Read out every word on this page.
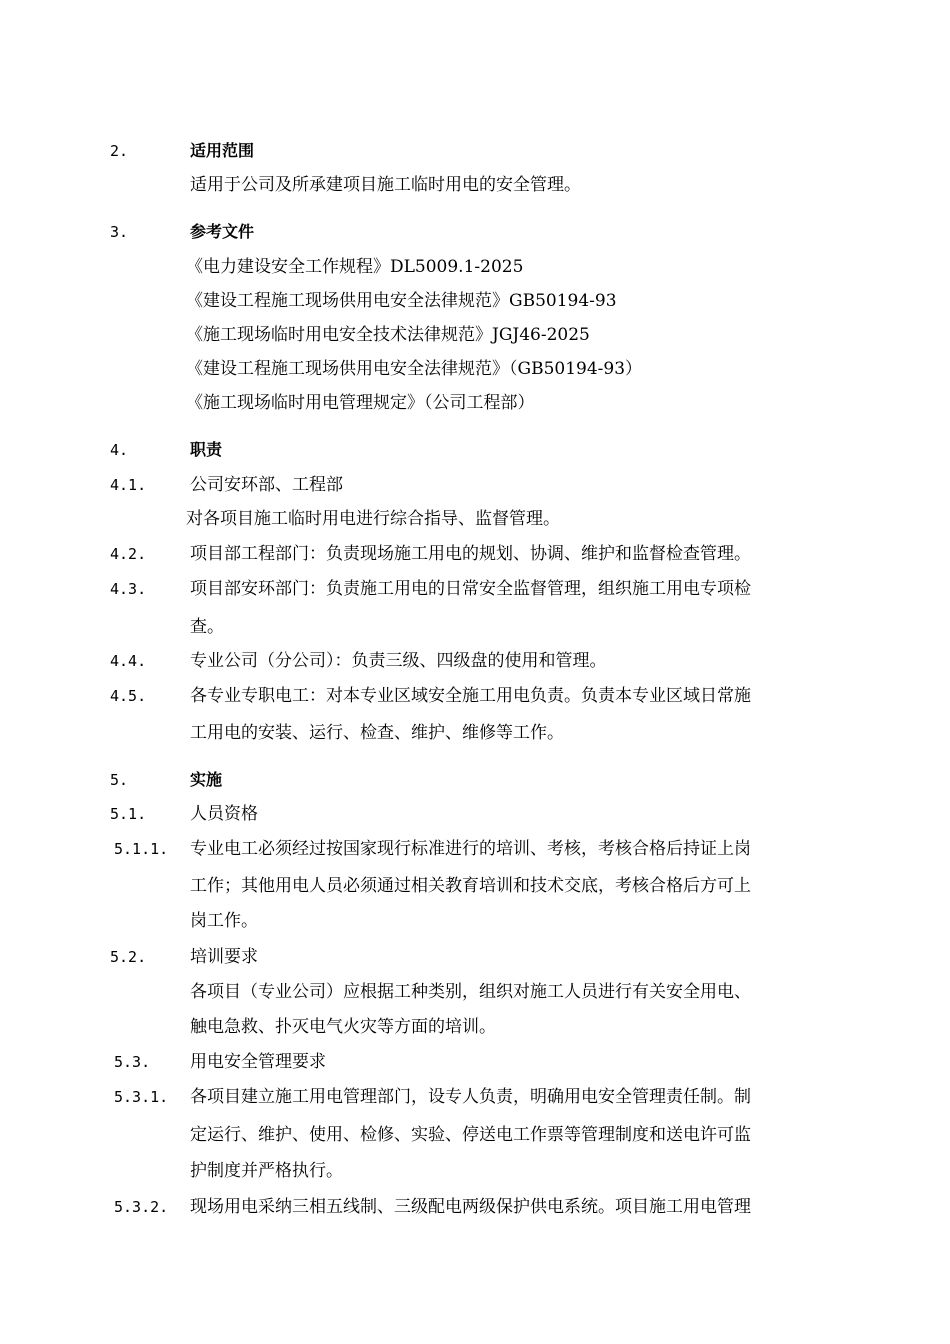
2.	适用范围
适用于公司及所承建项目施工临时用电的安全管理。
3.	参考文件
《电力建设安全工作规程》DL5009.1-2025
《建设工程施工现场供用电安全法律规范》GB50194-93
《施工现场临时用电安全技术法律规范》JGJ46-2025
《建设工程施工现场供用电安全法律规范》（GB50194-93）
《施工现场临时用电管理规定》（公司工程部）
4.	职责
4.1.	公司安环部、工程部
对各项目施工临时用电进行综合指导、监督管理。
4.2.	项目部工程部门：负责现场施工用电的规划、协调、维护和监督检查管理。
4.3.	项目部安环部门：负责施工用电的日常安全监督管理，组织施工用电专项检
查。
4.4.	专业公司（分公司）：负责三级、四级盘的使用和管理。
4.5.	各专业专职电工：对本专业区域安全施工用电负责。负责本专业区域日常施
工用电的安装、运行、检查、维护、维修等工作。
5.	实施
5.1.	人员资格
5.1.1. 专业电工必须经过按国家现行标准进行的培训、考核，考核合格后持证上岗
工作；其他用电人员必须通过相关教育培训和技术交底，考核合格后方可上
岗工作。
5.2.	培训要求
各项目（专业公司）应根据工种类别，组织对施工人员进行有关安全用电、
触电急救、扑灭电气火灾等方面的培训。
5.3. 用电安全管理要求
5.3.1. 各项目建立施工用电管理部门，设专人负责，明确用电安全管理责任制。制
定运行、维护、使用、检修、实验、停送电工作票等管理制度和送电许可监
护制度并严格执行。
5.3.2. 现场用电采纳三相五线制、三级配电两级保护供电系统。项目施工用电管理
